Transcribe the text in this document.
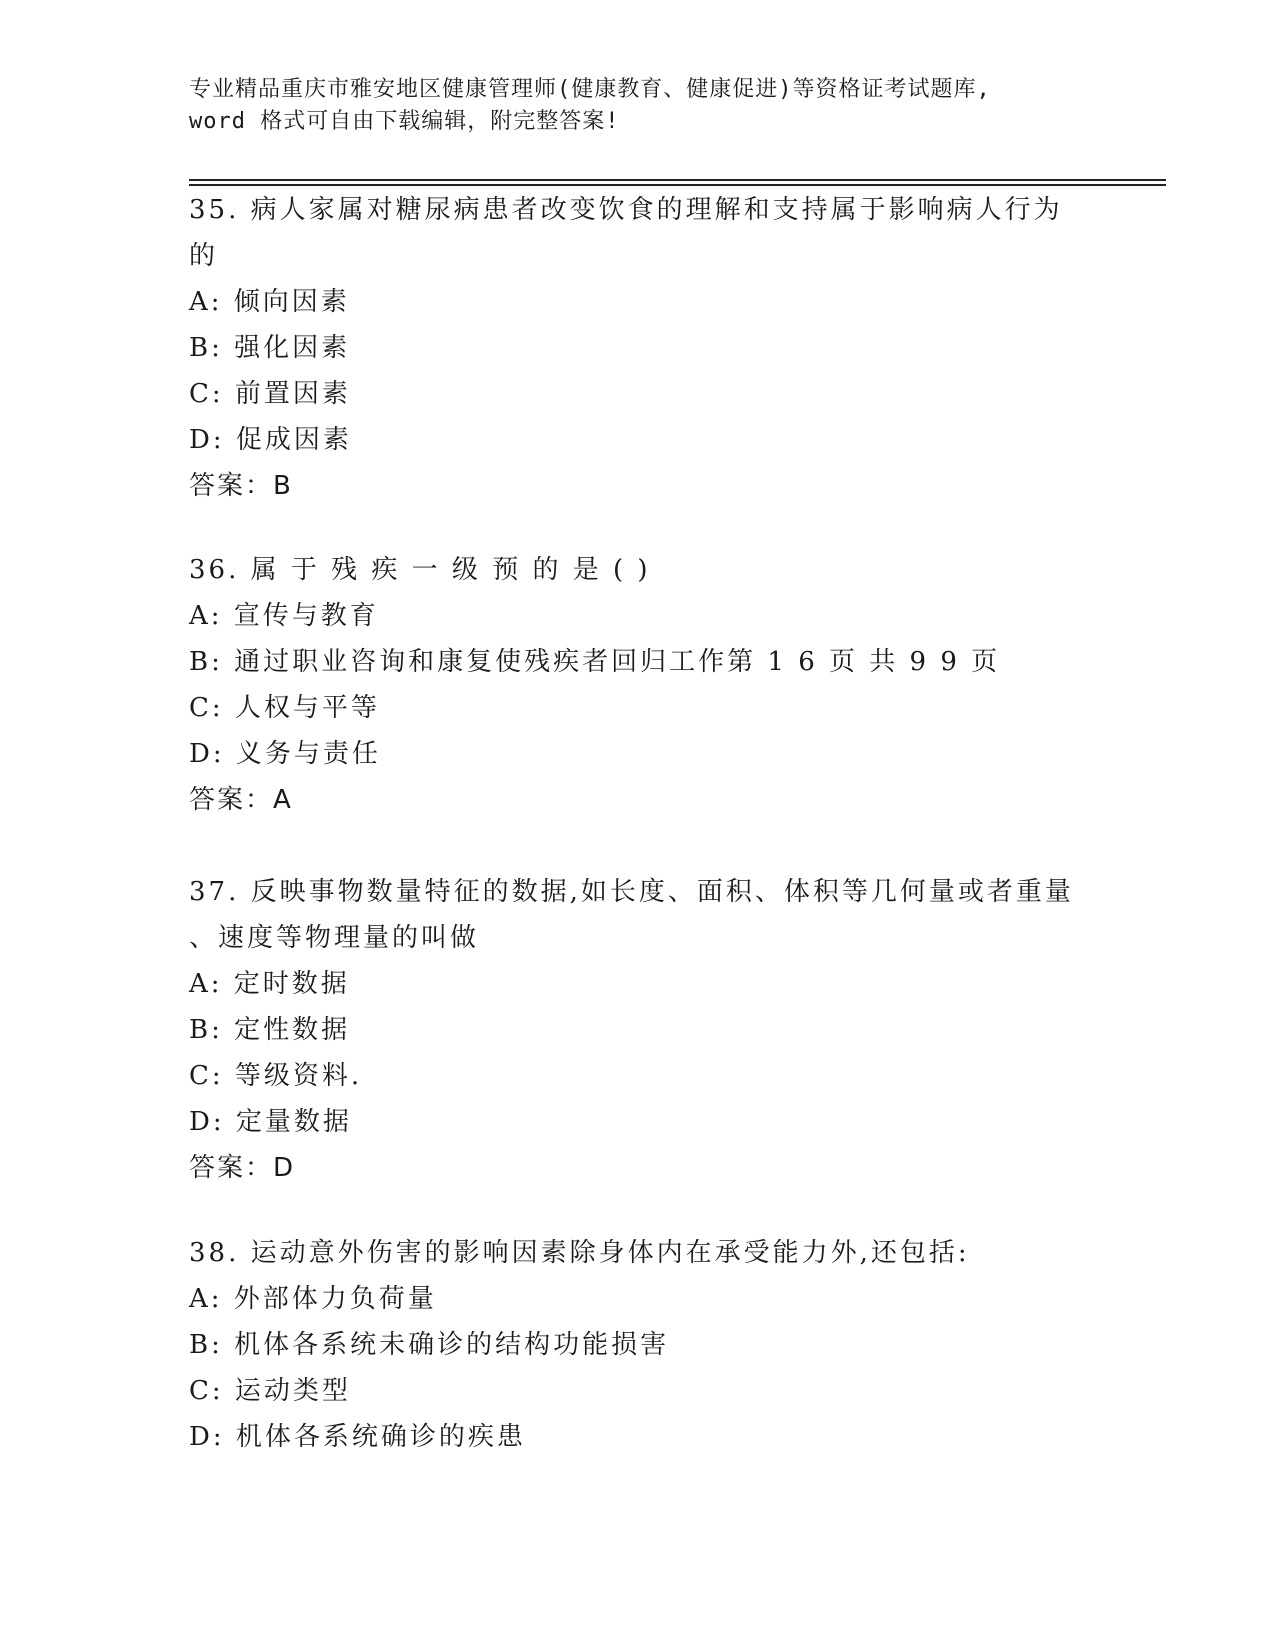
专业精品重庆市雅安地区健康管理师(健康教育、健康促进)等资格证考试题库,
word 格式可自由下载编辑，附完整答案!
35. 病人家属对糖尿病患者改变饮食的理解和支持属于影响病人行为
的
A: 倾向因素
B: 强化因素
C: 前置因素
D: 促成因素
答案：B
36. 属 于 残 疾 一 级 预 的 是 ( )
A: 宣传与教育
B: 通过职业咨询和康复使残疾者回归工作第 1 6 页 共 9 9 页
C: 人权与平等
D: 义务与责任
答案：A
37. 反映事物数量特征的数据,如长度、面积、体积等几何量或者重量
、速度等物理量的叫做
A: 定时数据
B: 定性数据
C: 等级资料.
D: 定量数据
答案：D
38. 运动意外伤害的影响因素除身体内在承受能力外,还包括:
A: 外部体力负荷量
B: 机体各系统未确诊的结构功能损害
C: 运动类型
D: 机体各系统确诊的疾患
